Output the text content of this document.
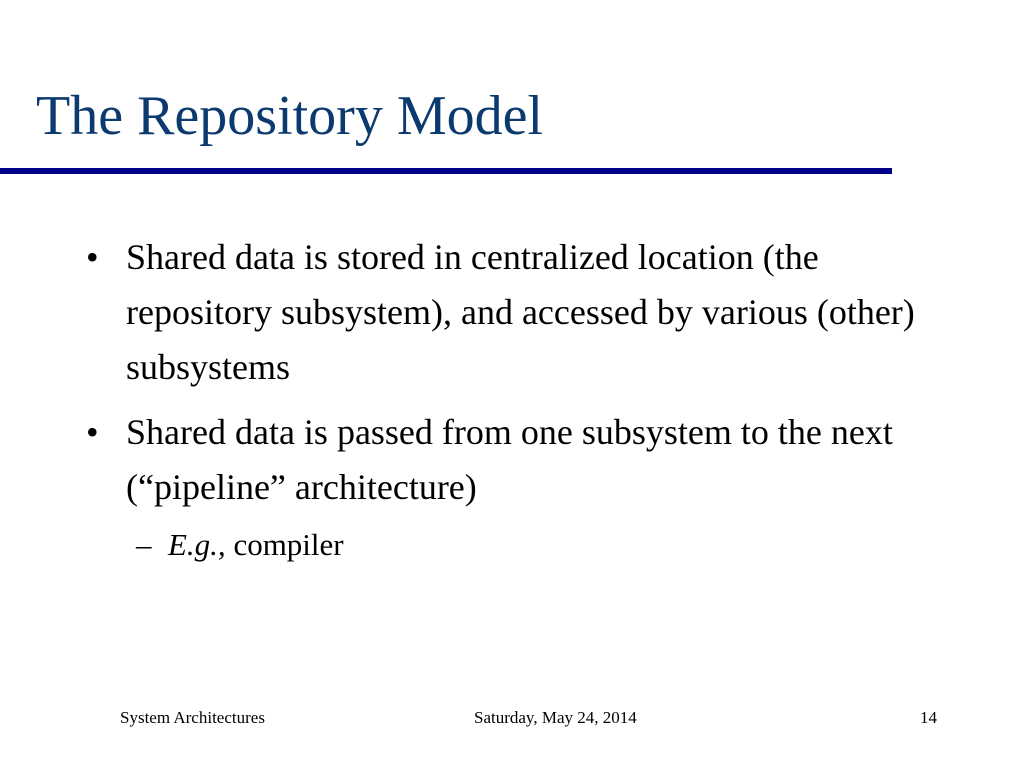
The Repository Model
• Shared data is stored in centralized location (the repository subsystem), and accessed by various (other) subsystems
• Shared data is passed from one subsystem to the next (“pipeline” architecture)
– E.g., compiler
System Architectures	Saturday, May 24, 2014	14
